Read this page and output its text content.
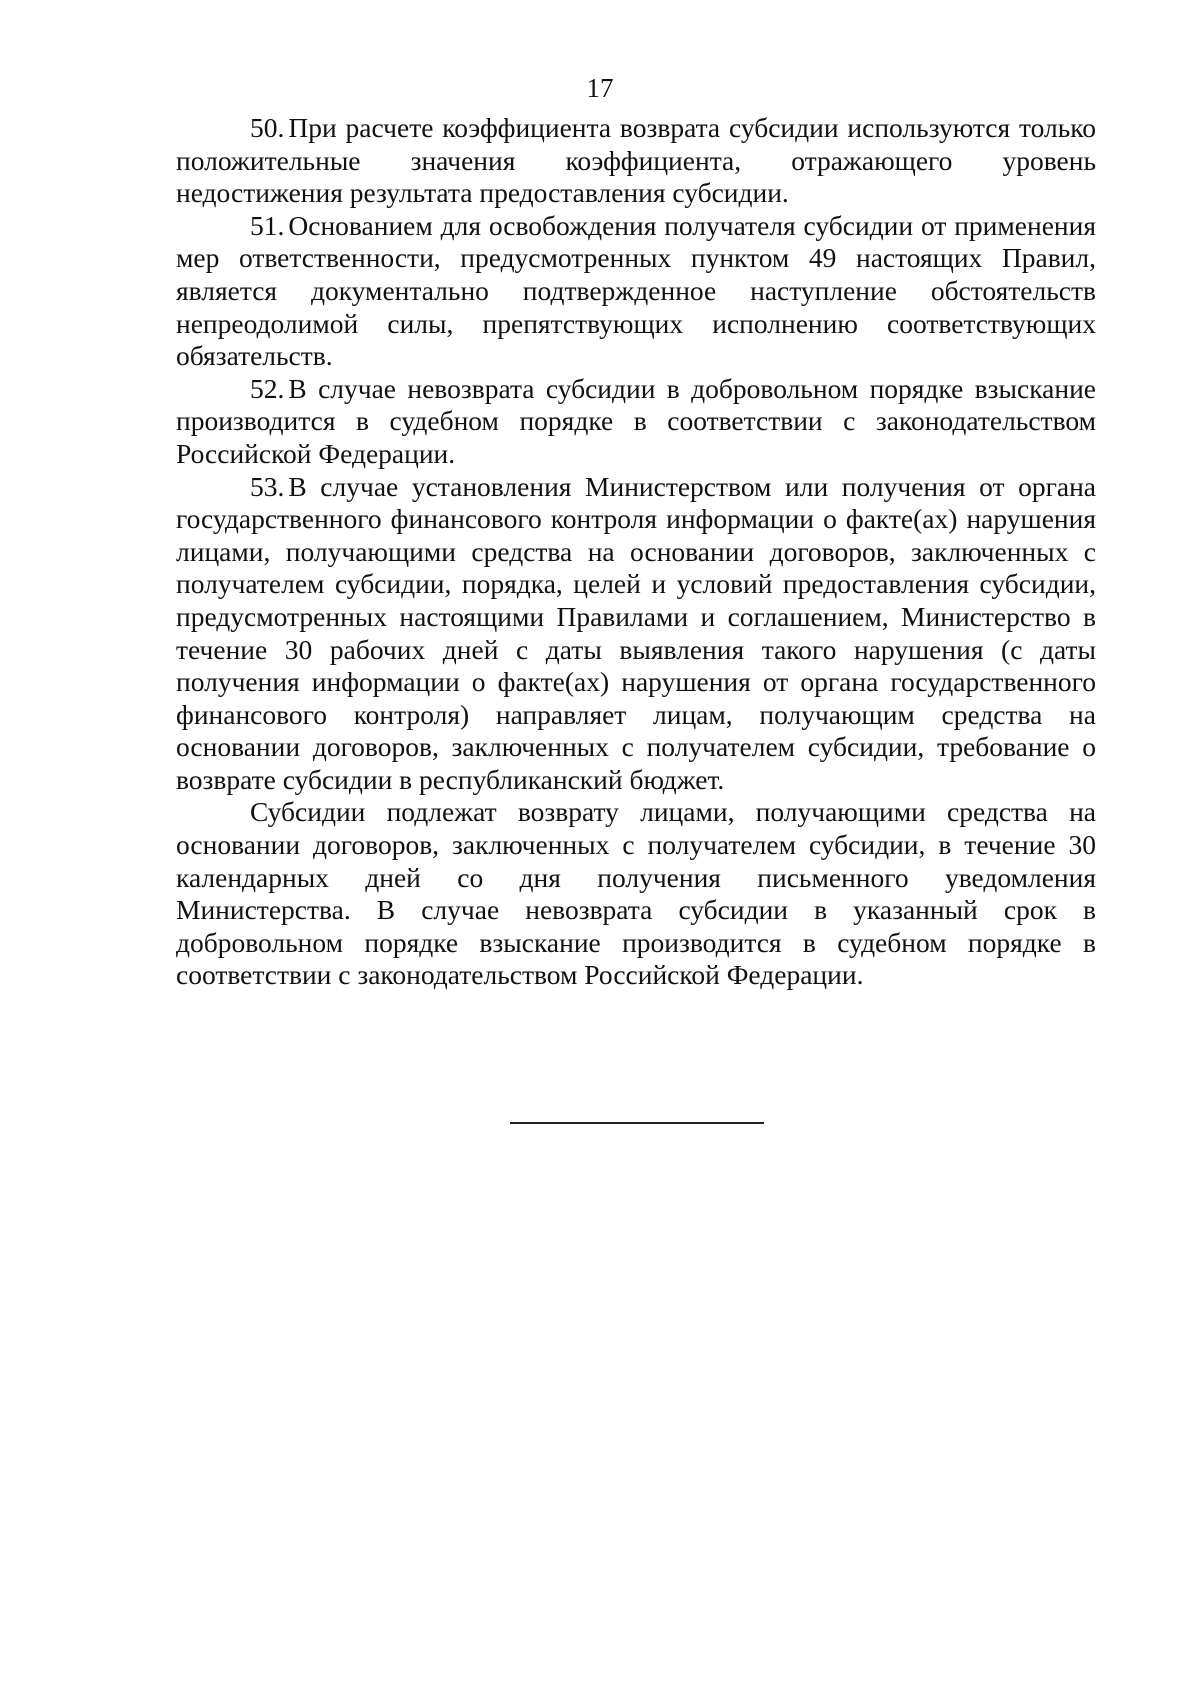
17

50. При расчете коэффициента возврата субсидии используются только положительные значения коэффициента, отражающего уровень недостижения результата предоставления субсидии.

51. Основанием для освобождения получателя субсидии от применения мер ответственности, предусмотренных пунктом 49 настоящих Правил, является документально подтвержденное наступление обстоятельств непреодолимой силы, препятствующих исполнению соответствующих обязательств.

52. В случае невозврата субсидии в добровольном порядке взыскание производится в судебном порядке в соответствии с законодательством Российской Федерации.

53. В случае установления Министерством или получения от органа государственного финансового контроля информации о факте(ах) нарушения лицами, получающими средства на основании договоров, заключенных с получателем субсидии, порядка, целей и условий предоставления субсидии, предусмотренных настоящими Правилами и соглашением, Министерство в течение 30 рабочих дней с даты выявления такого нарушения (с даты получения информации о факте(ах) нарушения от органа государственного финансового контроля) направляет лицам, получающим средства на основании договоров, заключенных с получателем субсидии, требование о возврате субсидии в республиканский бюджет.

Субсидии подлежат возврату лицами, получающими средства на основании договоров, заключенных с получателем субсидии, в течение 30 календарных дней со дня получения письменного уведомления Министерства. В случае невозврата субсидии в указанный срок в добровольном порядке взыскание производится в судебном порядке в соответствии с законодательством Российской Федерации.
